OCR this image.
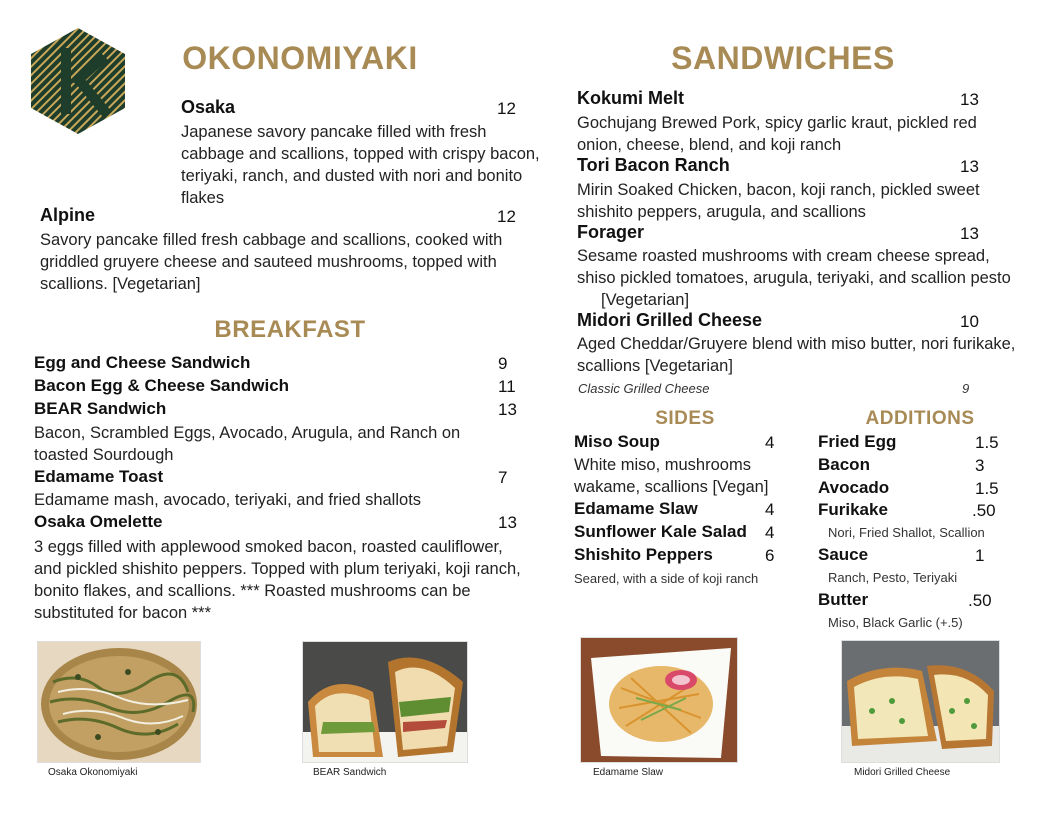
OKONOMIYAKI
Osaka	12
Japanese savory pancake filled with fresh cabbage and scallions, topped with crispy bacon, teriyaki, ranch, and dusted with nori and bonito flakes
Alpine	12
Savory pancake filled fresh cabbage and scallions, cooked with griddled gruyere cheese and sauteed mushrooms, topped with scallions. [Vegetarian]
BREAKFAST
Egg and Cheese Sandwich	9
Bacon Egg & Cheese Sandwich	11
BEAR Sandwich	13
Bacon, Scrambled Eggs, Avocado, Arugula, and Ranch on toasted Sourdough
Edamame Toast	7
Edamame mash, avocado, teriyaki, and fried shallots
Osaka Omelette	13
3 eggs filled with applewood smoked bacon, roasted cauliflower, and pickled shishito peppers. Topped with plum teriyaki, koji ranch, bonito flakes, and scallions. *** Roasted mushrooms can be substituted for bacon ***
SANDWICHES
Kokumi Melt	13
Gochujang Brewed Pork, spicy garlic kraut, pickled red onion, cheese, blend, and koji ranch
Tori Bacon Ranch	13
Mirin Soaked Chicken, bacon, koji ranch, pickled sweet shishito peppers, arugula, and scallions
Forager	13
Sesame roasted mushrooms with cream cheese spread, shiso pickled tomatoes, arugula, teriyaki, and scallion pesto [Vegetarian]
Midori Grilled Cheese	10
Aged Cheddar/Gruyere blend with miso butter, nori furikake, scallions [Vegetarian]
Classic Grilled Cheese	9
SIDES
Miso Soup	4
White miso, mushrooms wakame, scallions [Vegan]
Edamame Slaw	4
Sunflower Kale Salad 4
Shishito Peppers	6
Seared, with a side of koji ranch
ADDITIONS
Fried Egg	1.5
Bacon	3
Avocado	1.5
Furikake	.50
Nori, Fried Shallot, Scallion
Sauce	1
Ranch, Pesto, Teriyaki
Butter	.50
Miso, Black Garlic (+.5)
Osaka Okonomiyaki	BEAR Sandwich	Edamame Slaw	Midori Grilled Cheese
